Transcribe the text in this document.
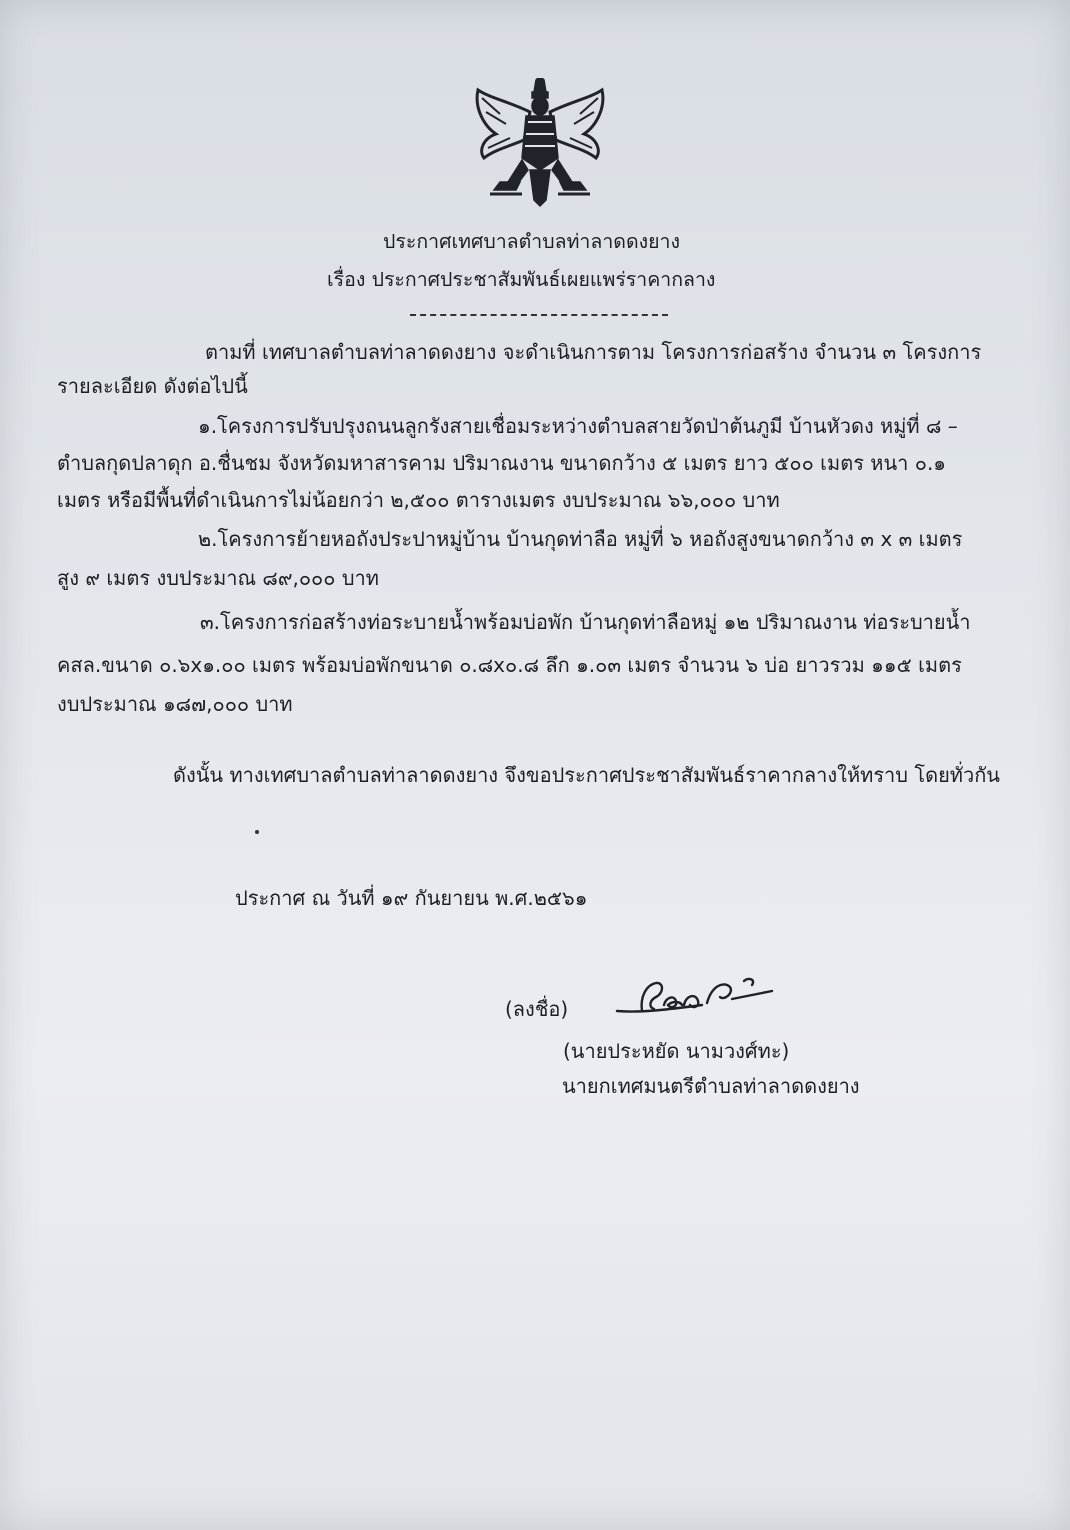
ประกาศเทศบาลตำบลท่าลาดดงยาง
เรื่อง ประกาศประชาสัมพันธ์เผยแพร่ราคากลาง
ตามที่ เทศบาลตำบลท่าลาดดงยาง จะดำเนินการตาม โครงการก่อสร้าง จำนวน ๓ โครงการ
รายละเอียด ดังต่อไปนี้
๑.โครงการปรับปรุงถนนลูกรังสายเชื่อมระหว่างตำบลสายวัดป่าต้นภูมี บ้านหัวดง หมู่ที่ ๘ –
ตำบลกุดปลาดุก อ.ชื่นชม จังหวัดมหาสารคาม ปริมาณงาน ขนาดกว้าง ๕ เมตร ยาว ๕๐๐ เมตร หนา ๐.๑
เมตร หรือมีพื้นที่ดำเนินการไม่น้อยกว่า ๒,๕๐๐ ตารางเมตร งบประมาณ ๖๖,๐๐๐ บาท
๒.โครงการย้ายหอถังประปาหมู่บ้าน บ้านกุดท่าลือ หมู่ที่ ๖ หอถังสูงขนาดกว้าง ๓ x ๓ เมตร
สูง ๙ เมตร งบประมาณ ๘๙,๐๐๐ บาท
๓.โครงการก่อสร้างท่อระบายน้ำพร้อมบ่อพัก บ้านกุดท่าลือหมู่ ๑๒ ปริมาณงาน ท่อระบายน้ำ
คสล.ขนาด ๐.๖x๑.๐๐ เมตร พร้อมบ่อพักขนาด ๐.๘x๐.๘ ลึก ๑.๐๓ เมตร จำนวน ๖ บ่อ ยาวรวม ๑๑๕ เมตร
งบประมาณ ๑๘๗,๐๐๐ บาท
ดังนั้น ทางเทศบาลตำบลท่าลาดดงยาง จึงขอประกาศประชาสัมพันธ์ราคากลางให้ทราบ โดยทั่วกัน
ประกาศ ณ วันที่ ๑๙ กันยายน พ.ศ.๒๕๖๑
(ลงชื่อ)
(นายประหยัด นามวงศ์ทะ)
นายกเทศมนตรีตำบลท่าลาดดงยาง
